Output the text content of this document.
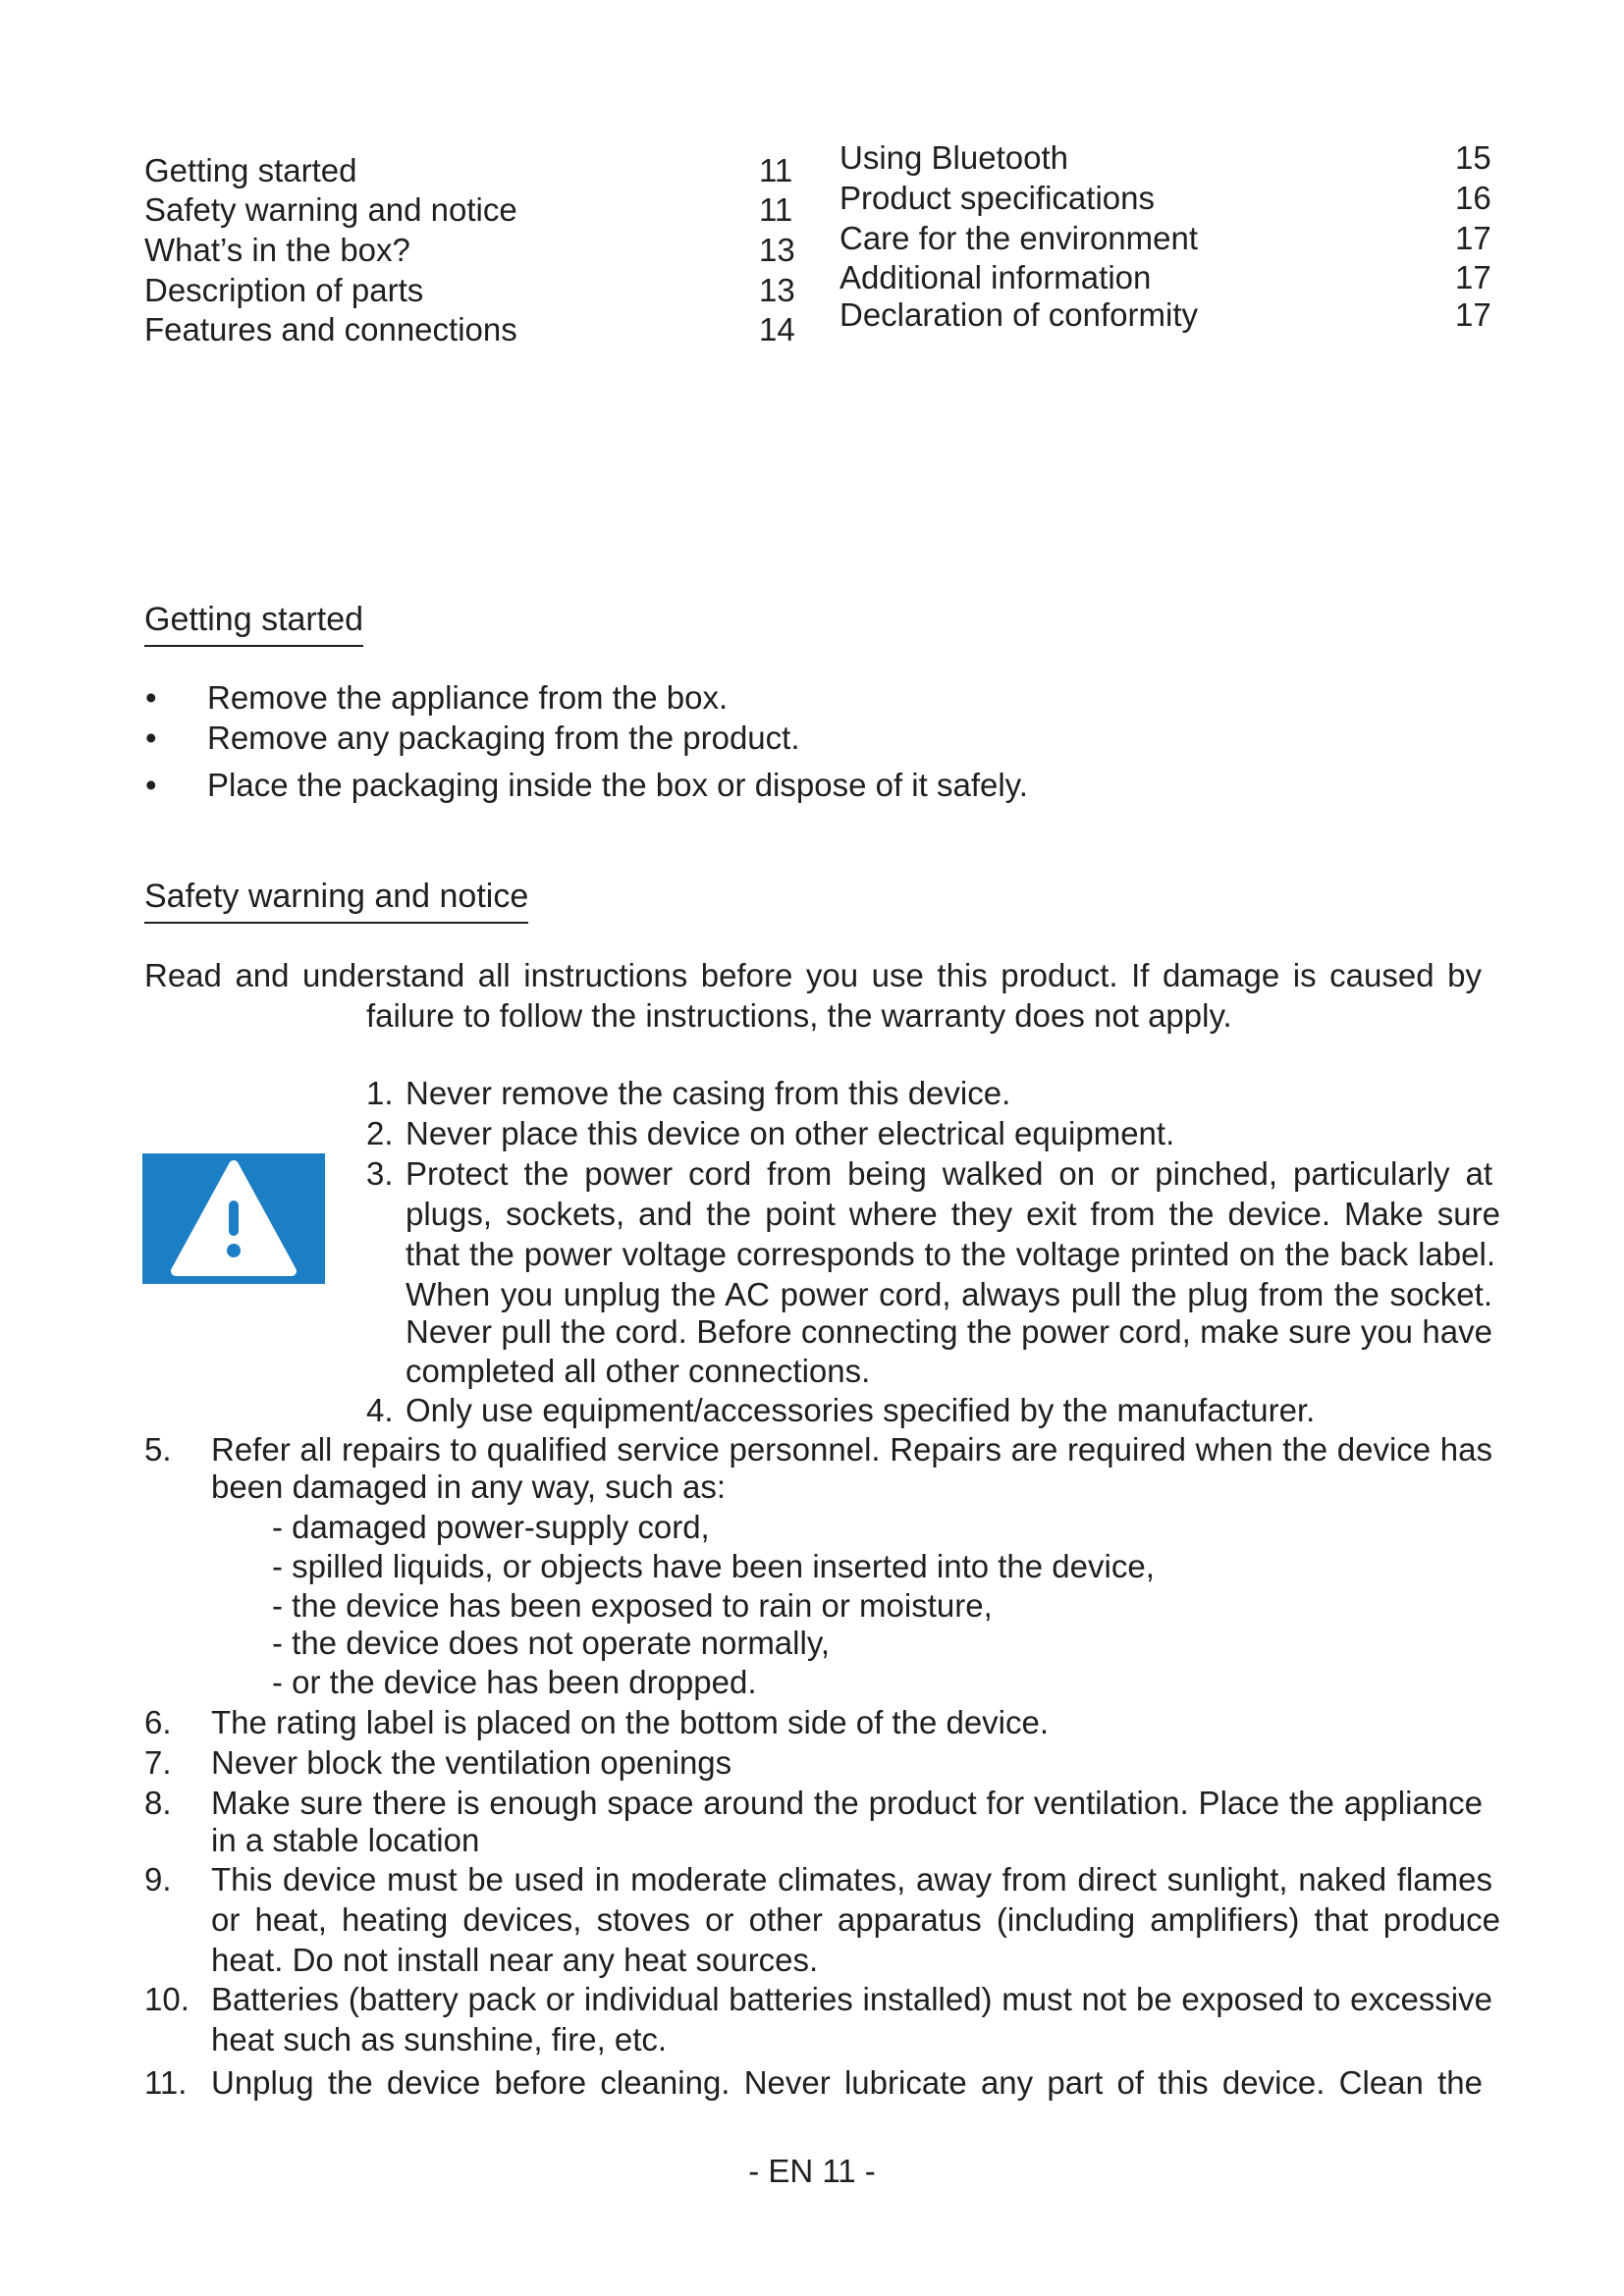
Getting started	11
Safety warning and notice	11
What’s in the box?	13
Description of parts	13
Features and connections	14
Using Bluetooth	15
Product specifications	16
Care for the environment	17
Additional information	17
Declaration of conformity	17
Getting started
• Remove the appliance from the box.
• Remove any packaging from the product.
• Place the packaging inside the box or dispose of it safely.
Safety warning and notice
Read and understand all instructions before you use this product. If damage is caused by
failure to follow the instructions, the warranty does not apply.
1. Never remove the casing from this device.
2. Never place this device on other electrical equipment.
3. Protect the power cord from being walked on or pinched, particularly at
plugs, sockets, and the point where they exit from the device. Make sure
that the power voltage corresponds to the voltage printed on the back label.
When you unplug the AC power cord, always pull the plug from the socket.
Never pull the cord. Before connecting the power cord, make sure you have
completed all other connections.
4. Only use equipment/accessories specified by the manufacturer.
5. Refer all repairs to qualified service personnel. Repairs are required when the device has
been damaged in any way, such as:
- damaged power-supply cord,
- spilled liquids, or objects have been inserted into the device,
- the device has been exposed to rain or moisture,
- the device does not operate normally,
- or the device has been dropped.
6. The rating label is placed on the bottom side of the device.
7. Never block the ventilation openings
8. Make sure there is enough space around the product for ventilation. Place the appliance
in a stable location
9. This device must be used in moderate climates, away from direct sunlight, naked flames
or heat, heating devices, stoves or other apparatus (including amplifiers) that produce
heat. Do not install near any heat sources.
10. Batteries (battery pack or individual batteries installed) must not be exposed to excessive
heat such as sunshine, fire, etc.
11. Unplug the device before cleaning. Never lubricate any part of this device. Clean the
- EN 11 -
